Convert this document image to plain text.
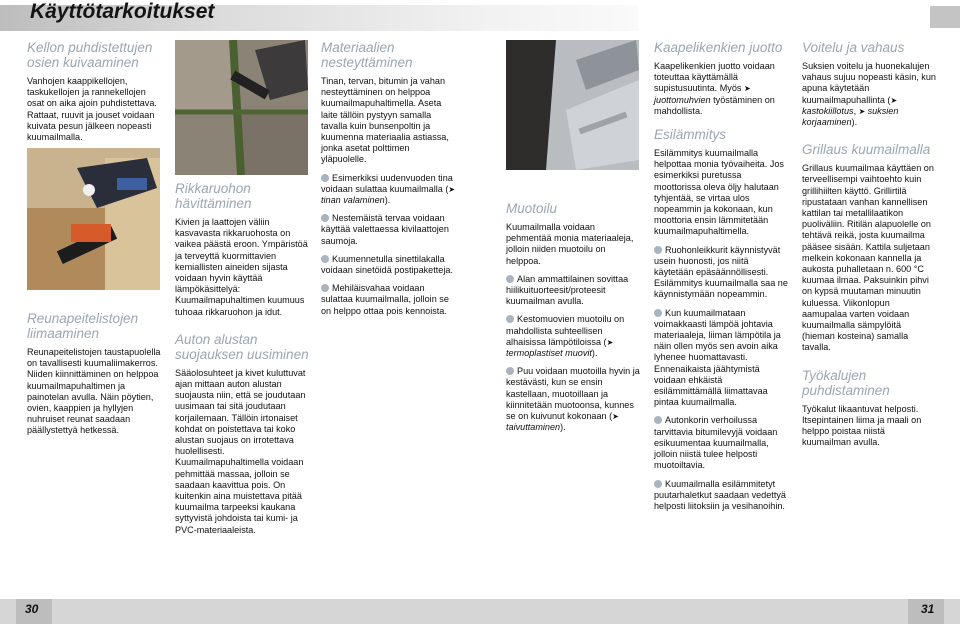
Käyttötarkoitukset
Kellon puhdistettujen osien kuivaaminen
Vanhojen kaappikellojen, taskukellojen ja rannekellojen osat on aika ajoin puhdistettava. Rattaat, ruuvit ja jouset voidaan kuivata pesun jälkeen nopeasti kuumailmalla.
Reunapeitelistojen liimaaminen
Reunapeitelistojen taustapuolella on tavallisesti kuumaliimakerros. Niiden kiinnittäminen on helppoa kuumailmapuhaltimen ja painotelan avulla. Näin pöytien, ovien, kaappien ja hyllyjen nuhruiset reunat saadaan päällystettyä hetkessä.
Rikkaruohon hävittäminen
Kivien ja laattojen väliin kasvavasta rikkaruohosta on vaikea päästä eroon. Ympäristöä ja terveyttä kuormittavien kemiallisten aineiden sijasta voidaan hyvin käyttää lämpökäsittelyä: Kuumailmapuhaltimen kuumuus tuhoaa rikkaruohon ja idut.
Auton alustan suojauksen uusiminen
Sääolosuhteet ja kivet kuluttuvat ajan mittaan auton alustan suojausta niin, että se joudutaan uusimaan tai sitä joudutaan korjailemaan. Tällöin irtonaiset kohdat on poistettava tai koko alustan suojaus on irrotettava huolellisesti. Kuumailmapuhaltimella voidaan pehmittää massaa, jolloin se saadaan kaavittua pois. On kuitenkin aina muistettava pitää kuumailma tarpeeksi kaukana syttyvistä johdoista tai kumi- ja PVC-materiaaleista.
Materiaalien nesteyttäminen
Tinan, tervan, bitumin ja vahan nesteyttäminen on helppoa kuumailmapuhaltimella. Aseta laite tällöin pystyyn samalla tavalla kuin bunsenpoltin ja kuumenna materiaalia astiassa, jonka asetat polttimen yläpuolelle.
Esimerkiksi uudenvuoden tina voidaan sulattaa kuumailmalla (➤ tinan valaminen).
Nestemäistä tervaa voidaan käyttää valettaessa kivilaattojen saumoja.
Kuumennetulla sinettilakalla voidaan sinetöidä postipaketteja.
Mehiläisvahaa voidaan sulattaa kuumailmalla, jolloin se on helppo ottaa pois kennoista.
Muotoilu
Kuumailmalla voidaan pehmentää monia materiaaleja, jolloin niiden muotoilu on helppoa.
Alan ammattilainen sovittaa hiilikuituorteesit/proteesit kuumailman avulla.
Kestomuovien muotoilu on mahdollista suhteellisen alhaisissa lämpötiloissa (➤ termoplastiset muovit).
Puu voidaan muotoilla hyvin ja kestävästi, kun se ensin kastellaan, muotoillaan ja kiinnitetään muotoonsa, kunnes se on kuivunut kokonaan (➤ taivuttaminen).
Kaapelikenkien juotto
Kaapelikenkien juotto voidaan toteuttaa käyttämällä supistusuutinta. Myös ➤ juottomuhvien työstäminen on mahdollista.
Esilämmitys
Esilämmitys kuumailmalla helpottaa monia työvaiheita. Jos esimerkiksi puretussa moottorissa oleva öljy halutaan tyhjentää, se virtaa ulos nopeammin ja kokonaan, kun moottoria ensin lämmitetään kuumailmapuhaltimella.
Ruohonleikkurit käynnistyvät usein huonosti, jos niitä käytetään epäsäännöllisesti. Esilämmitys kuumailmalla saa ne käynnistymään nopeammin.
Kun kuumailmataan voimakkaasti lämpöä johtavia materiaaleja, liiman lämpötila ja näin ollen myös sen avoin aika lyhenee huomattavasti. Ennenaikaista jäähtymistä voidaan ehkäistä esilämmittämällä liimattavaa pintaa kuumailmalla.
Autonkorin verhoilussa tarvittavia bitumilevyjä voidaan esikuumentaa kuumailmalla, jolloin niistä tulee helposti muotoiltavia.
Kuumailmalla esilämmitetyt puutarhaletkut saadaan vedettyä helposti liitoksiin ja vesihanoihin.
Voitelu ja vahaus
Suksien voitelu ja huonekalujen vahaus sujuu nopeasti käsin, kun apuna käytetään kuumailmapuhallinta (➤ kastokiillotus, ➤ suksien korjaaminen).
Grillaus kuumailmalla
Grillaus kuumailmaa käyttäen on terveellisempi vaihtoehto kuin grillihiilten käyttö. Grillirtilä ripustataan vanhan kannellisen kattilan tai metallilaatikon puoliväliin. Ritilän alapuolelle on tehtävä reikä, josta kuumailma pääsee sisään. Kattila suljetaan melkein kokonaan kannella ja aukosta puhalletaan n. 600 °C kuumaa ilmaa. Paksuinkin pihvi on kypsä muutaman minuutin kuluessa. Viikonlopun aamupalaa varten voidaan kuumailmalla sämpylöitä (hieman kosteina) samalla tavalla.
Työkalujen puhdistaminen
Työkalut likaantuvat helposti. Itsepintainen liima ja maali on helppo poistaa niistä kuumailman avulla.
30	31
